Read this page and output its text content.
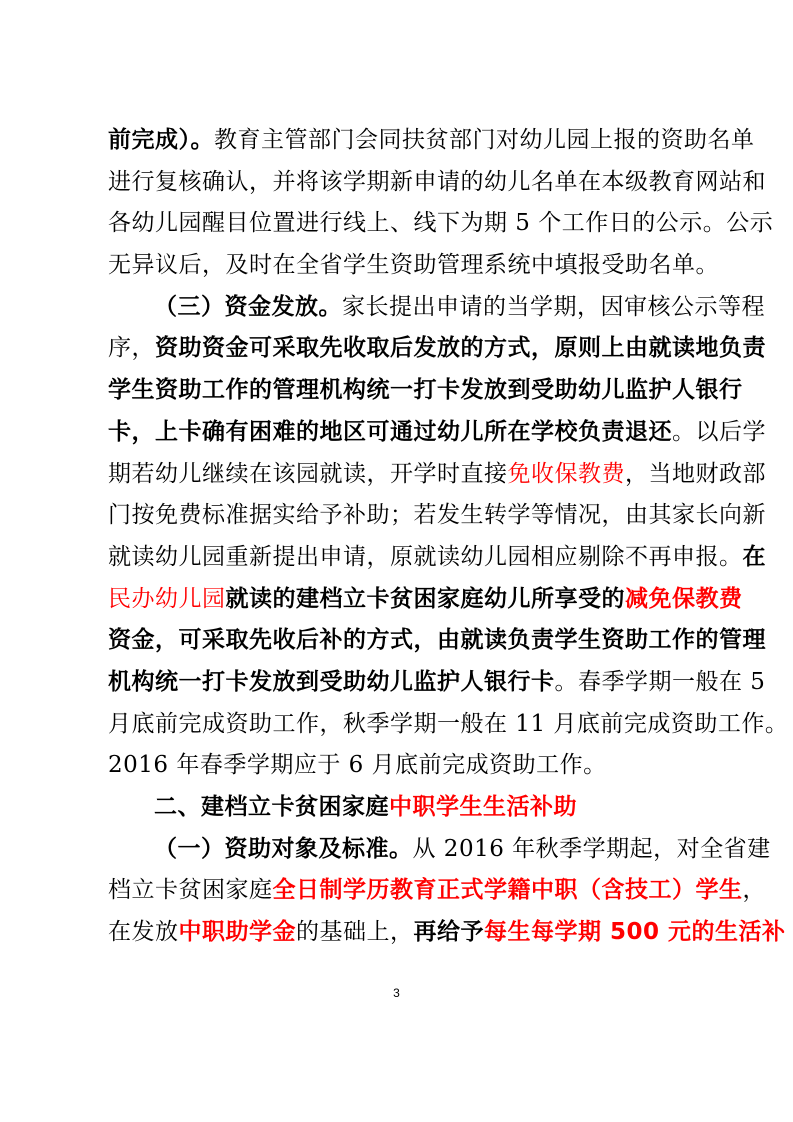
前完成）。教育主管部门会同扶贫部门对幼儿园上报的资助名单
进行复核确认，并将该学期新申请的幼儿名单在本级教育网站和
各幼儿园醒目位置进行线上、线下为期 5 个工作日的公示。公示
无异议后，及时在全省学生资助管理系统中填报受助名单。
（三）资金发放。家长提出申请的当学期，因审核公示等程
序，资助资金可采取先收取后发放的方式，原则上由就读地负责
学生资助工作的管理机构统一打卡发放到受助幼儿监护人银行
卡，上卡确有困难的地区可通过幼儿所在学校负责退还。以后学
期若幼儿继续在该园就读，开学时直接免收保教费，当地财政部
门按免费标准据实给予补助；若发生转学等情况，由其家长向新
就读幼儿园重新提出申请，原就读幼儿园相应剔除不再申报。在
民办幼儿园就读的建档立卡贫困家庭幼儿所享受的减免保教费
资金，可采取先收后补的方式，由就读负责学生资助工作的管理
机构统一打卡发放到受助幼儿监护人银行卡。春季学期一般在 5
月底前完成资助工作，秋季学期一般在 11 月底前完成资助工作。
2016 年春季学期应于 6 月底前完成资助工作。
二、建档立卡贫困家庭中职学生生活补助
（一）资助对象及标准。从 2016 年秋季学期起，对全省建
档立卡贫困家庭全日制学历教育正式学籍中职（含技工）学生，
在发放中职助学金的基础上，再给予每生每学期 500 元的生活补
3
